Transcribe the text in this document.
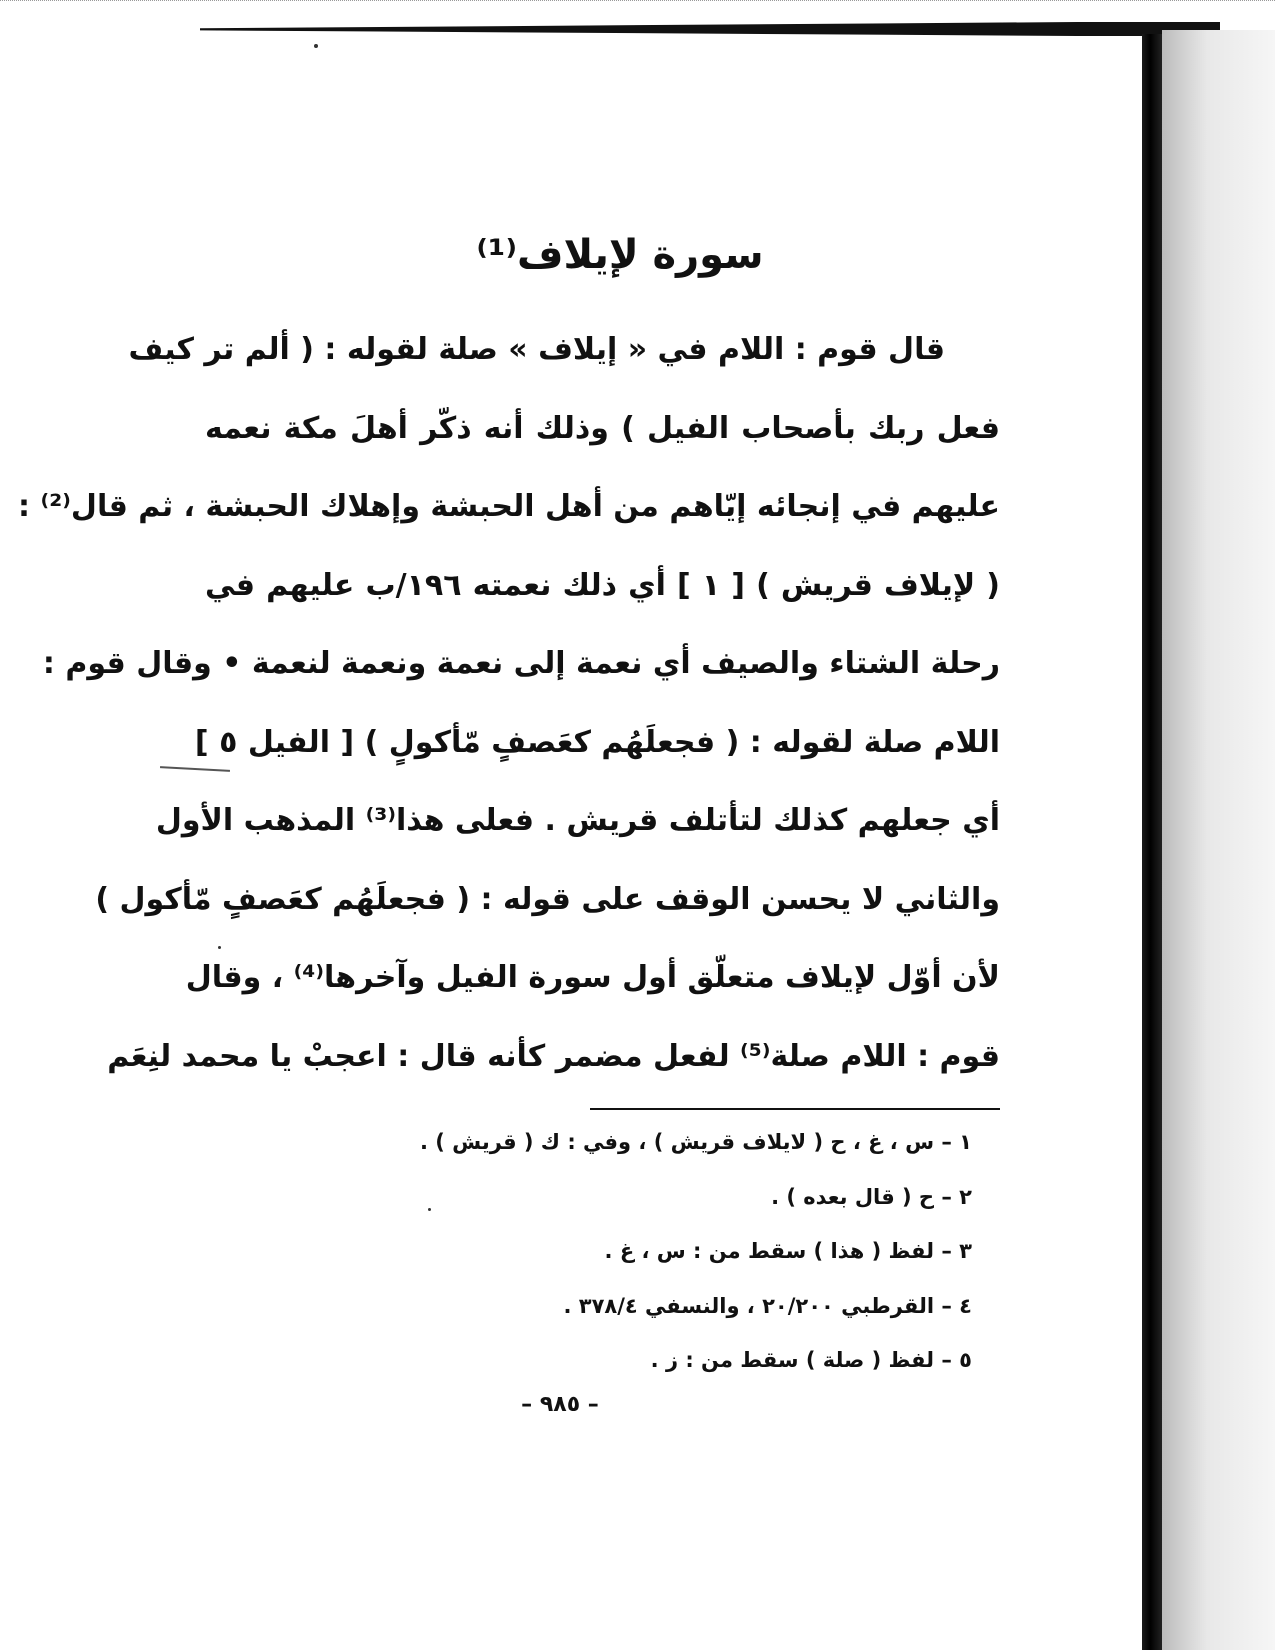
سورة لإيلاف⁽¹⁾
قال قوم : اللام في « إيلاف » صلة لقوله : ( ألم تر كيف
فعل ربك بأصحاب الفيل ) وذلك أنه ذكّر أهلَ مكة نعمه
عليهم في إنجائه إيّاهم من أهل الحبشة وإهلاك الحبشة ، ثم قال⁽²⁾ :
( لإيلاف قريش ) [ ١ ] أي ذلك نعمته ١٩٦/ب عليهم في
رحلة الشتاء والصيف أي نعمة إلى نعمة ونعمة لنعمة • وقال قوم :
اللام صلة لقوله : ( فجعلَهُم كعَصفٍ مّأكولٍ ) [ الفيل ٥ ]
أي جعلهم كذلك لتأتلف قريش . فعلى هذا⁽³⁾ المذهب الأول
والثاني لا يحسن الوقف على قوله : ( فجعلَهُم كعَصفٍ مّأكول )
لأن أوّل لإيلاف متعلّق أول سورة الفيل وآخرها⁽⁴⁾ ، وقال
قوم : اللام صلة⁽⁵⁾ لفعل مضمر كأنه قال : اعجبْ يا محمد لنِعَم
١ – س ، غ ، ح ( لايلاف قريش ) ، وفي : ك ( قريش ) .
٢ – ح ( قال بعده ) .
٣ – لفظ ( هذا ) سقط من : س ، غ .
٤ – القرطبي ٢٠/٢٠٠ ، والنسفي ٣٧٨/٤ .
٥ – لفظ ( صلة ) سقط من : ز .
– ٩٨٥ –
